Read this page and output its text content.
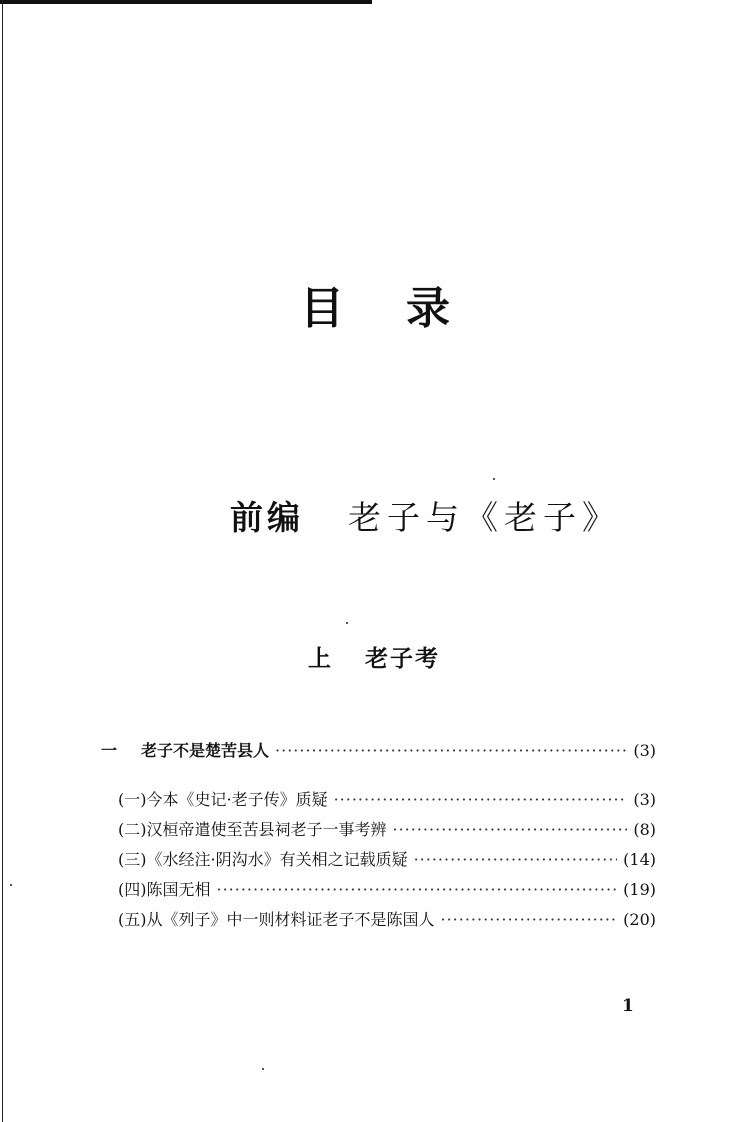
目 录
前编 老子与《老子》
上 老子考
一	老子不是楚苦县人 ·····	(3)
(一)今本《史记·老子传》质疑 ·····	(3)
(二)汉桓帝遣使至苦县祠老子一事考辨 ·····	(8)
(三)《水经注·阴沟水》有关相之记载质疑 ·····	(14)
(四)陈国无相 ·····	(19)
(五)从《列子》中一则材料证老子不是陈国人 ·····	(20)
1
